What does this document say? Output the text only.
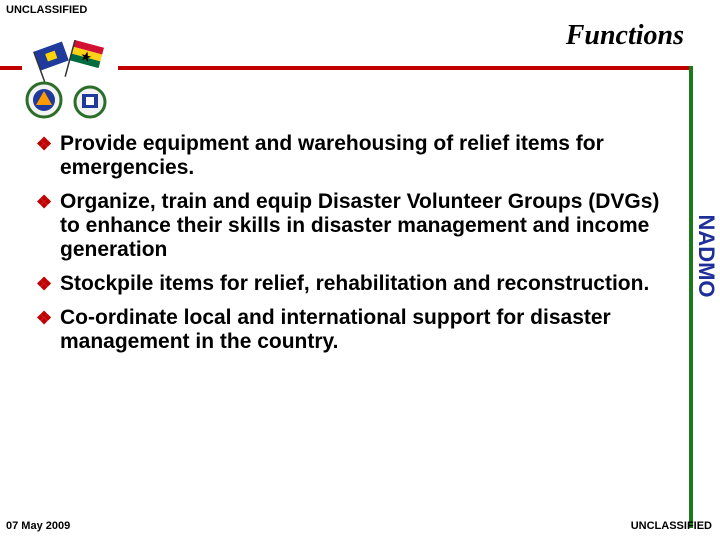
UNCLASSIFIED
Functions
NADMO
❖ Provide equipment and warehousing of relief items for emergencies.
❖ Organize, train and equip Disaster Volunteer Groups (DVGs) to enhance their skills in disaster management and income generation
❖ Stockpile items for relief, rehabilitation and reconstruction.
❖ Co-ordinate local and international support for disaster management in the country.
07 May 2009	UNCLASSIFIED
